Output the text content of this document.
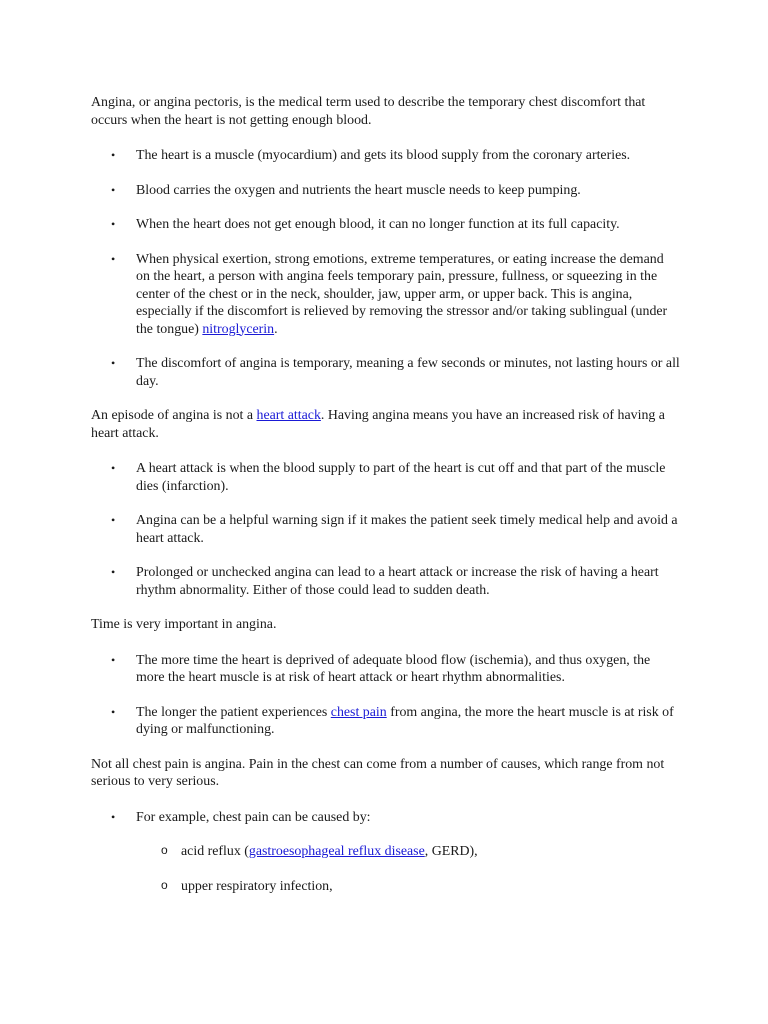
Angina, or angina pectoris, is the medical term used to describe the temporary chest discomfort that occurs when the heart is not getting enough blood.

• The heart is a muscle (myocardium) and gets its blood supply from the coronary arteries.
• Blood carries the oxygen and nutrients the heart muscle needs to keep pumping.
• When the heart does not get enough blood, it can no longer function at its full capacity.
• When physical exertion, strong emotions, extreme temperatures, or eating increase the demand on the heart, a person with angina feels temporary pain, pressure, fullness, or squeezing in the center of the chest or in the neck, shoulder, jaw, upper arm, or upper back. This is angina, especially if the discomfort is relieved by removing the stressor and/or taking sublingual (under the tongue) nitroglycerin.
• The discomfort of angina is temporary, meaning a few seconds or minutes, not lasting hours or all day.

An episode of angina is not a heart attack. Having angina means you have an increased risk of having a heart attack.

• A heart attack is when the blood supply to part of the heart is cut off and that part of the muscle dies (infarction).
• Angina can be a helpful warning sign if it makes the patient seek timely medical help and avoid a heart attack.
• Prolonged or unchecked angina can lead to a heart attack or increase the risk of having a heart rhythm abnormality. Either of those could lead to sudden death.

Time is very important in angina.

• The more time the heart is deprived of adequate blood flow (ischemia), and thus oxygen, the more the heart muscle is at risk of heart attack or heart rhythm abnormalities.
• The longer the patient experiences chest pain from angina, the more the heart muscle is at risk of dying or malfunctioning.

Not all chest pain is angina. Pain in the chest can come from a number of causes, which range from not serious to very serious.

• For example, chest pain can be caused by:
o acid reflux (gastroesophageal reflux disease, GERD),
o upper respiratory infection,
